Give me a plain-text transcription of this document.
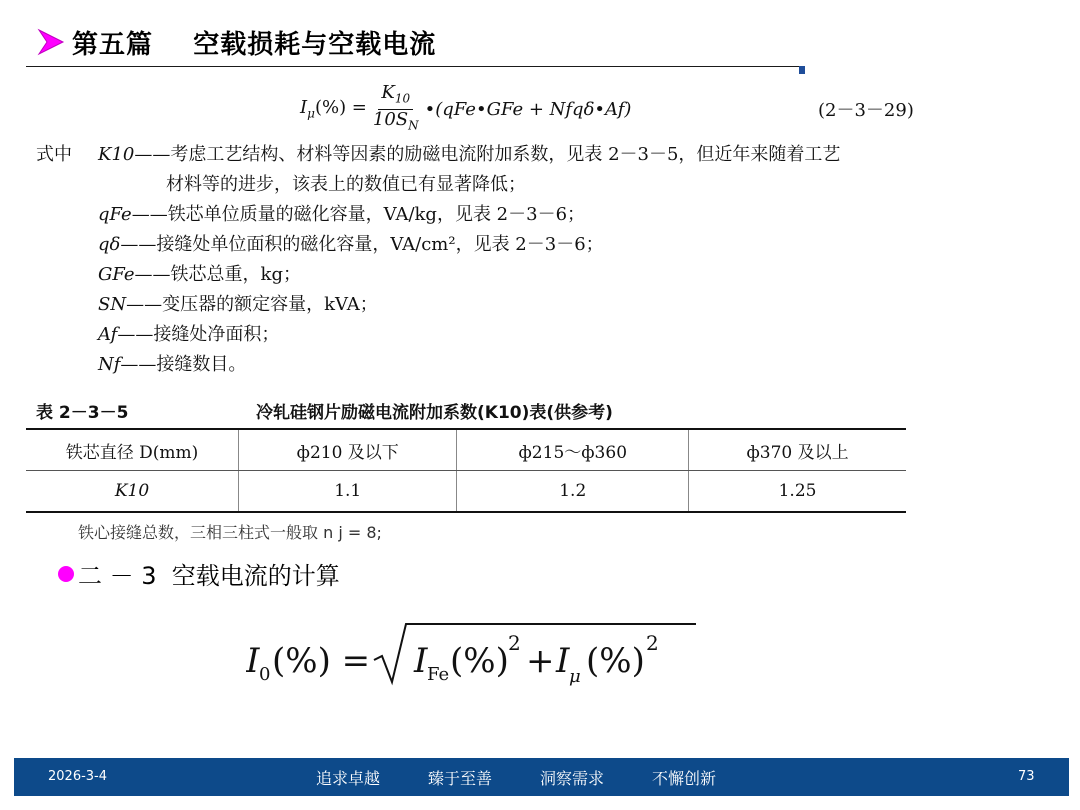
第五篇    空载损耗与空载电流
$I_\mu(\%) = \frac{K_{10}}{10S_N}$ •(qFe•GFe + Nfqδ•Af)	(2－3－29)
式中	K10 ——考虑工艺结构、材料等因素的励磁电流附加系数，见表 2－3－5，但近年来随着工艺
材料等的进步，该表上的数值已有显著降低；
qFe ——铁芯单位质量的磁化容量，VA/kg，见表 2－3－6；
qδ ——接缝处单位面积的磁化容量，VA/cm²，见表 2－3－6；
GFe ——铁芯总重，kg；
SN ——变压器的额定容量，kVA；
Af ——接缝处净面积；
Nf ——接缝数目。
表 2－3－5	冷轧硅钢片励磁电流附加系数(K10)表(供参考)
铁芯直径 D(mm)	ф210 及以下	ф215～ф360	ф370 及以上
K10	1.1	1.2	1.25
铁心接缝总数，三相三柱式一般取 n j = 8;
二 － 3  空载电流的计算
I 0 (%) = I Fe (%) 2 + I μ (%) 2
2026-3-4	追求卓越	臻于至善	洞察需求	不懈创新	73
